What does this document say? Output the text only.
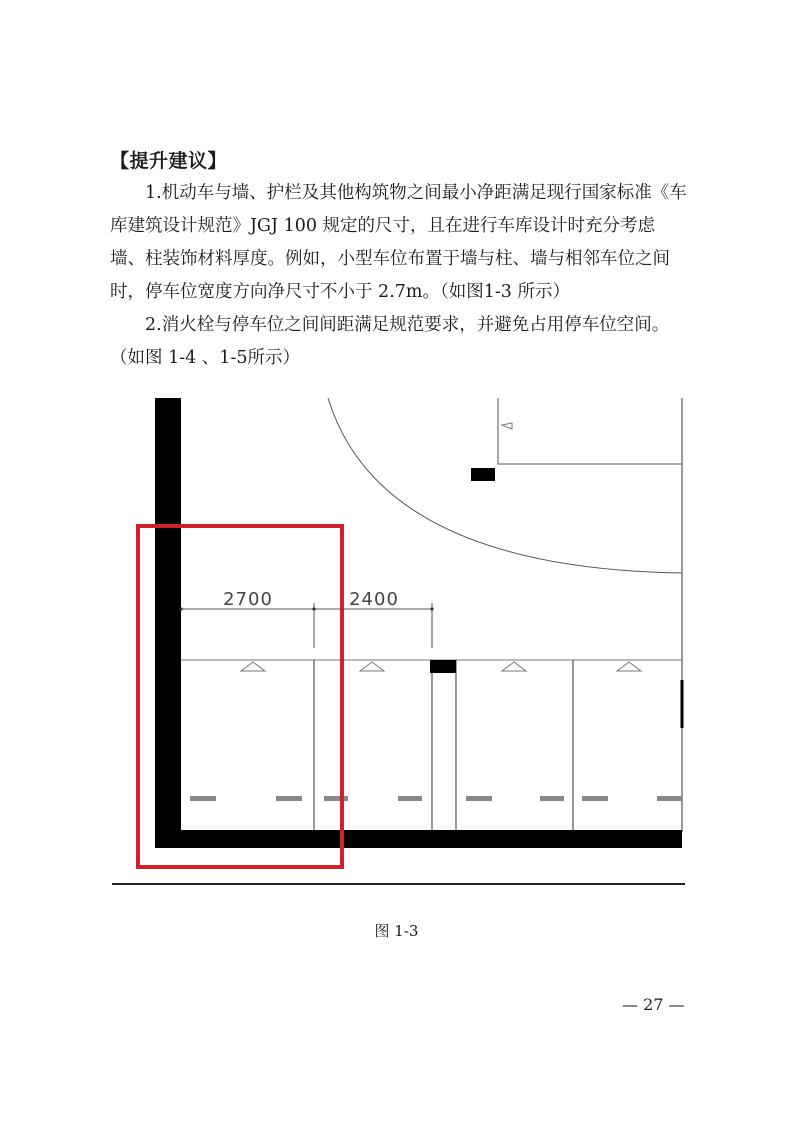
【提升建议】

1.机动车与墙、护栏及其他构筑物之间最小净距满足现行国家标准《车库建筑设计规范》JGJ 100 规定的尺寸，且在进行车库设计时充分考虑墙、柱装饰材料厚度。例如，小型车位布置于墙与柱、墙与相邻车位之间时，停车位宽度方向净尺寸不小于 2.7m。（如图1-3 所示）

2.消火栓与停车位之间间距满足规范要求，并避免占用停车位空间。（如图 1-4 、1-5所示）

2700	2400
图 1-3
— 27 —
